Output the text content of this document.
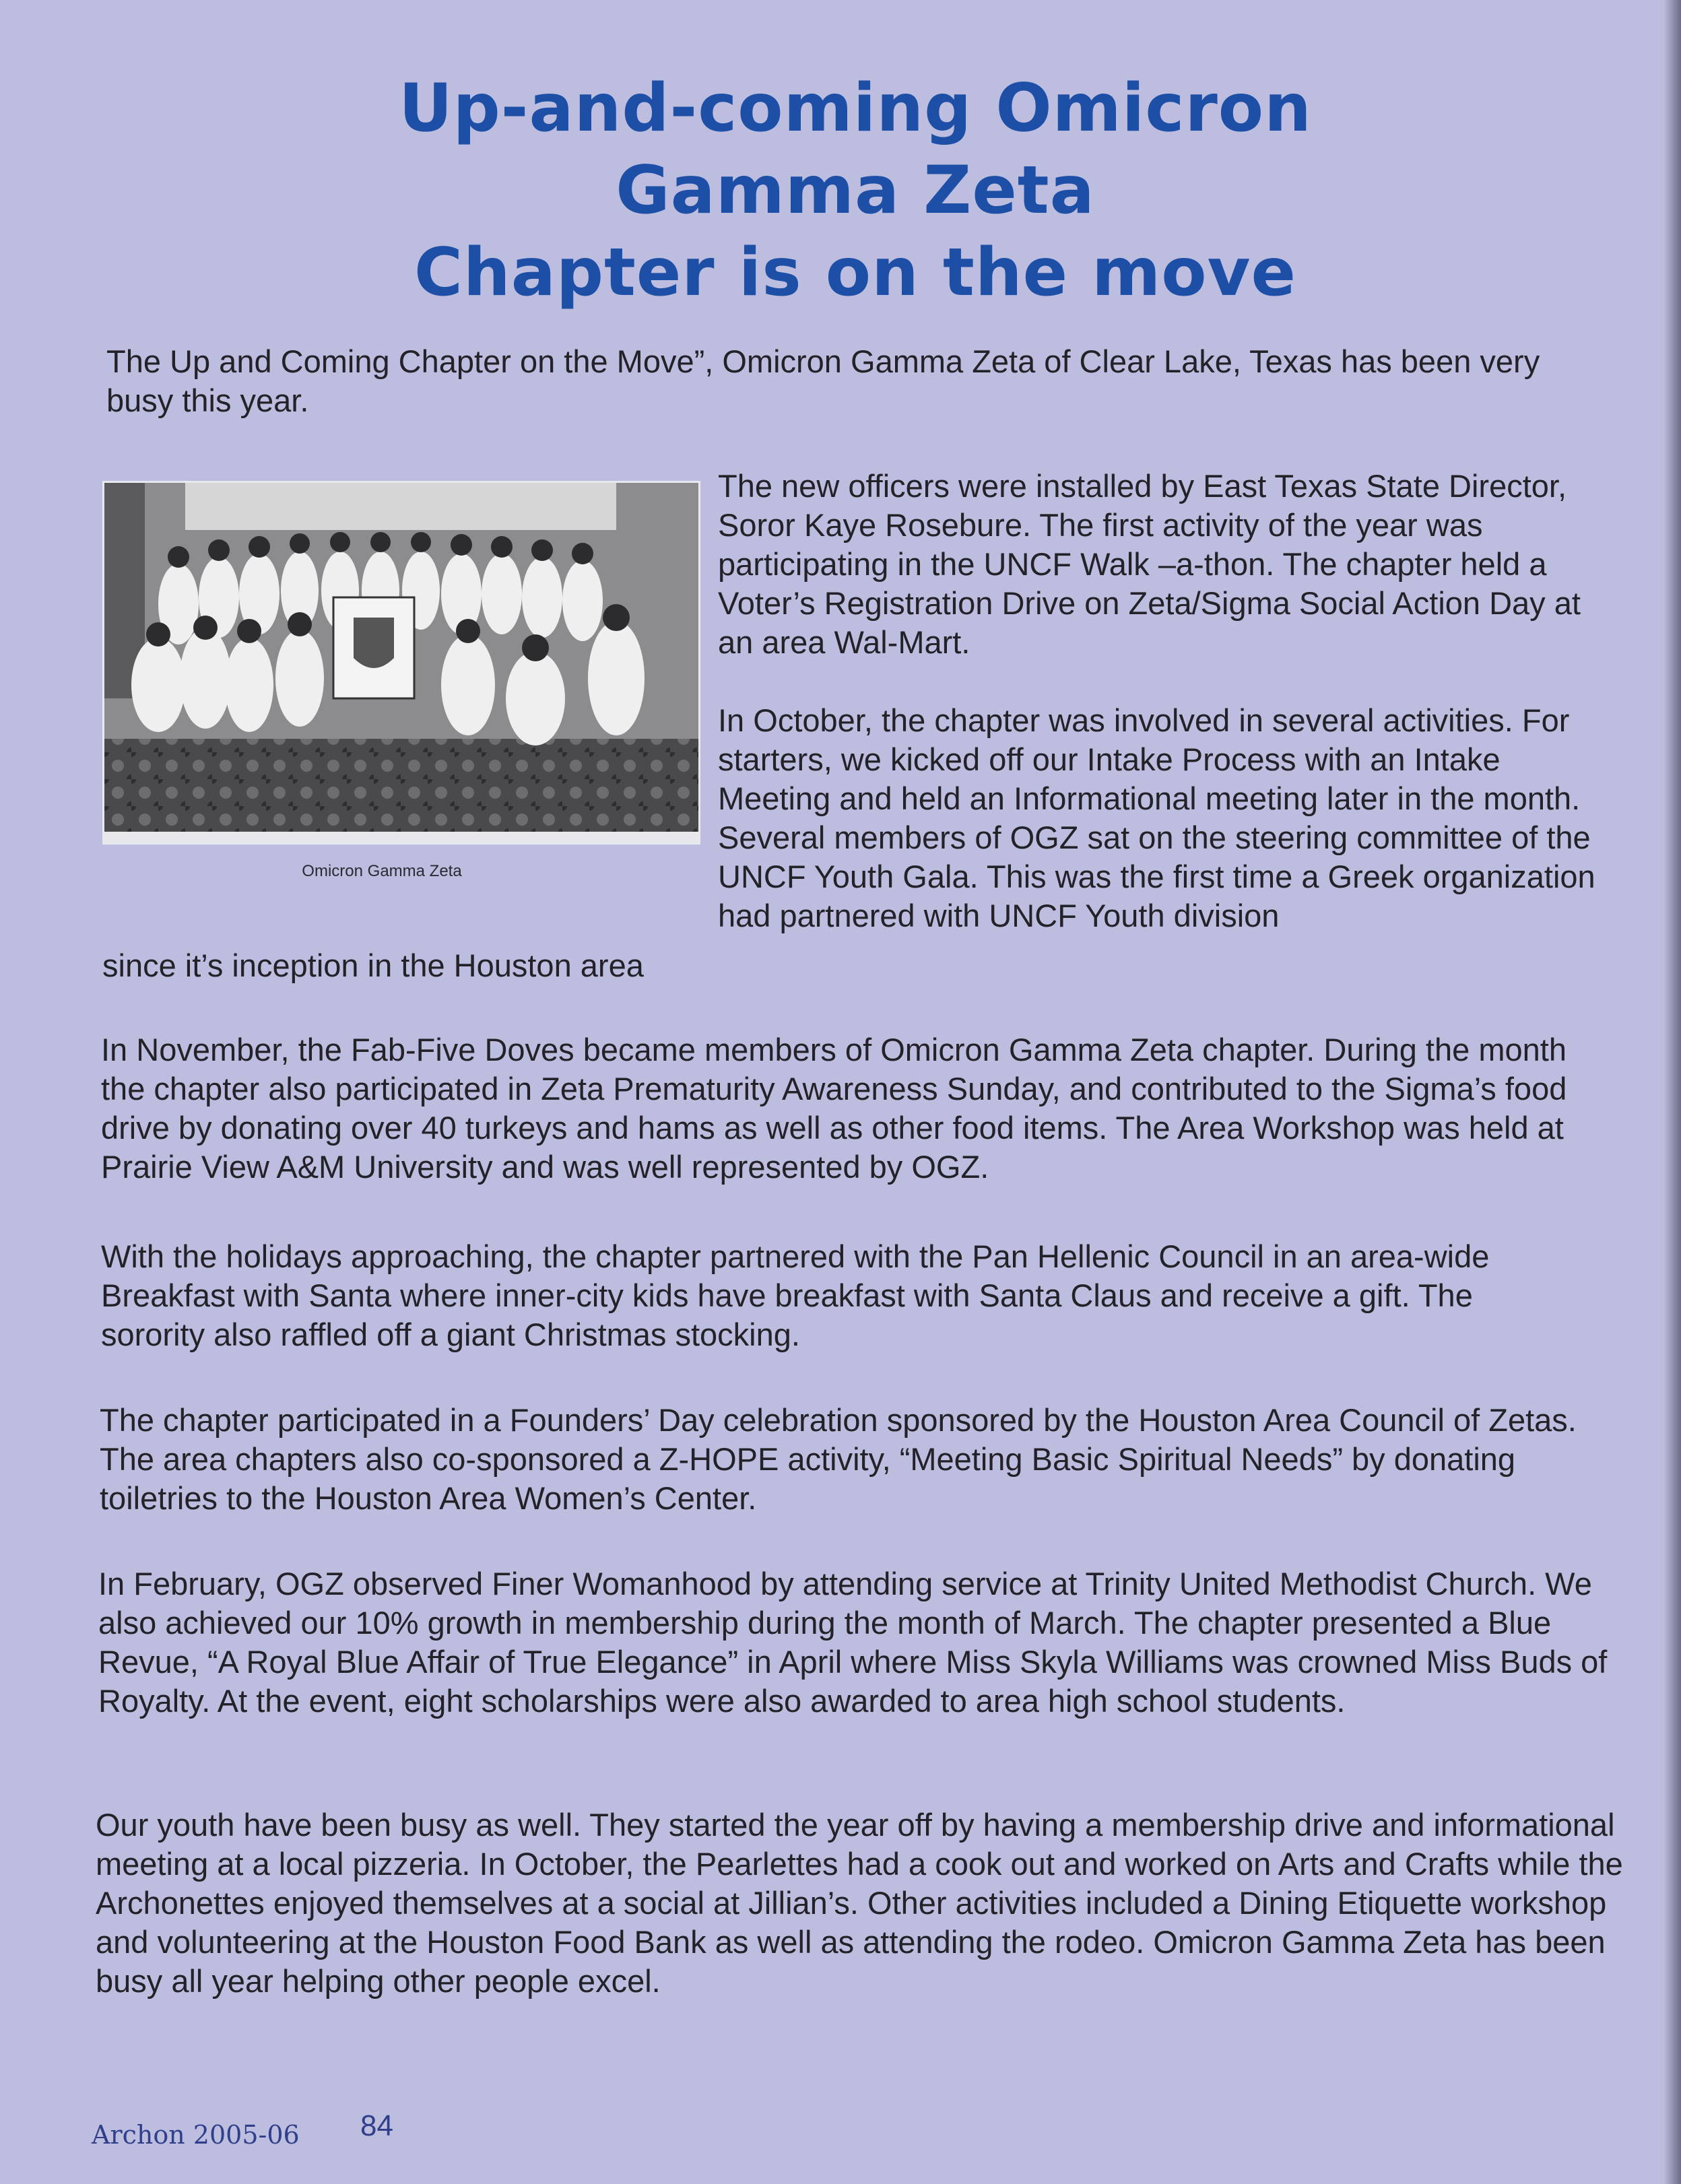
Up-and-coming Omicron
Gamma Zeta
Chapter is on the move

The Up and Coming Chapter on the Move”, Omicron Gamma Zeta of Clear Lake, Texas has been very busy this year.

Omicron Gamma Zeta

The new officers were installed by East Texas State Director, Soror Kaye Rosebure. The first activity of the year was participating in the UNCF Walk –a-thon. The chapter held a Voter’s Registration Drive on Zeta/Sigma Social Action Day at an area Wal-Mart.

In October, the chapter was involved in several activities. For starters, we kicked off our Intake Process with an Intake Meeting and held an Informational meeting later in the month. Several members of OGZ sat on the steering committee of the UNCF Youth Gala. This was the first time a Greek organization had partnered with UNCF Youth division

since it’s inception in the Houston area

In November, the Fab-Five Doves became members of Omicron Gamma Zeta chapter. During the month the chapter also participated in Zeta Prematurity Awareness Sunday, and contributed to the Sigma’s food drive by donating over 40 turkeys and hams as well as other food items. The Area Workshop was held at Prairie View A&M University and was well represented by OGZ.

With the holidays approaching, the chapter partnered with the Pan Hellenic Council in an area-wide Breakfast with Santa where inner-city kids have breakfast with Santa Claus and receive a gift. The sorority also raffled off a giant Christmas stocking.

The chapter participated in a Founders’ Day celebration sponsored by the Houston Area Council of Zetas. The area chapters also co-sponsored a Z-HOPE activity, “Meeting Basic Spiritual Needs” by donating toiletries to the Houston Area Women’s Center.

In February, OGZ observed Finer Womanhood by attending service at Trinity United Methodist Church. We also achieved our 10% growth in membership during the month of March. The chapter presented a Blue Revue, “A Royal Blue Affair of True Elegance” in April where Miss Skyla Williams was crowned Miss Buds of Royalty. At the event, eight scholarships were also awarded to area high school students.

Our youth have been busy as well. They started the year off by having a membership drive and informational meeting at a local pizzeria. In October, the Pearlettes had a cook out and worked on Arts and Crafts while the Archonettes enjoyed themselves at a social at Jillian’s. Other activities included a Dining Etiquette workshop and volunteering at the Houston Food Bank as well as attending the rodeo. Omicron Gamma Zeta has been busy all year helping other people excel.

Archon 2005-06 84
